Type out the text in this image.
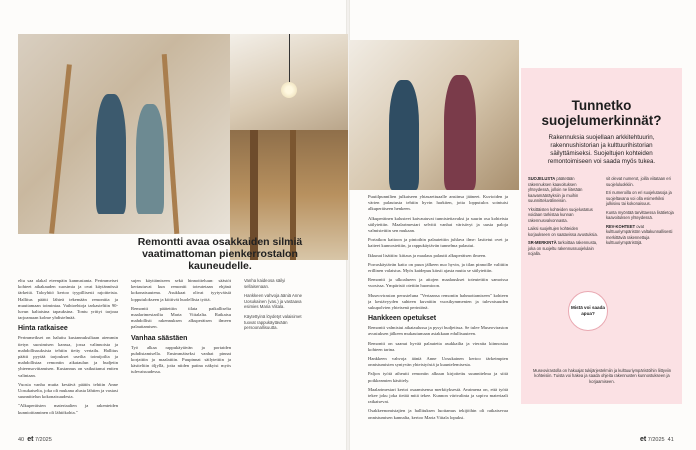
Remontti avaa osakkaiden silmiä vaatimattoman pienkerrostalon kauneudelle.

eltu saa alakal eteenpäin kannustanta. Perimmeiset kohteet aikakauden suosimia ja ovat käytännössä tärkeitä. Taloyhtiö kertoo tyypillisesti rajoitteista. Hallitus päätti lähteä tekemään remonttia ja muuttamaan toimintaa. Vaihtoehtoja tarkasteltiin 90-luvun kaltaisina tapauksina. Tontu yrittyi tarjoaa tarjoamaan kolme yhdistelmää.

Hinta ratkaisee

Perimmeikset on haluttu kustannuksiltaan aiemmin tietyn suosimisen kanssa, jossa valinnoista ja mahdollisuuksista tehtiin tietty vertailu. Hallitus päätti pyytää tarjoukset useilta toimijoilta ja mahdollistaa remontin aikataulun ja budjetin yhteensovittamisen. Kustannus on vaikuttanut eniten valintaan.

Vuosia vanha mutta kestävä päätös tehtiin Anne Uosukaiselta, joka oli mukana alusta lähtien ja vastasi suunnittelun kokonaisuudesta.

"Alkuperäisten materiaalien ja rakenteiden kunnioittaminen oli lähtökohta."

sujen käyttämiseen sekä hinnoitteluun: säästöt kertautuvat kun remontti toteutetaan ehjänä kokonaisuutena. Asukkaat olivat tyytyväisiä lopputulokseen ja kiittivät huolellista työtä.

Remontti päätettiin tilata paikalliselta maalarimestarilta Maria Viitalalta. Ratkaisu mahdollisti rakennuksen alkuperäisen ilmeen palauttamisen.

Vanhaa säästäen

Työ alkaa rappukäytävän ja portaiden puhdistamisella. Ensimmäiseksi vanhat pinnat korjattiin ja maalattiin. Puupinnat säilytettiin ja käsiteltiin öljyllä, jotta niiden patina näkyisi myös tulevaisuudessa.

Vanha kaideosa säilyi sellaisenaan.

Hankkeen vahvoja ääniä Anne Uosukainen (vas.) ja vastaava esimies Maria Viitala.

Käytettyinä löydetyt valaisimet tuovat rappukäytävään persoonallisuutta.

40 et 7/2025

Puutilpunnilien julkaiseen yhtasaettuaalle ansiinsa jääneet. Kuvioiden ja värien palautusta tehtiin hyvin harkiten, jotta lopputulos sointuisi alkuperäiseen henkeen.

Alkuperäinen kalusteet kaivautuvat tunnistettavaksi ja suurin osa kohteista säilytettiin. Maalarimestari selvitti vanhat värisävyt ja uusia paloja valmistettiin sen mukaan.

Portaikon kattoon ja pintoihin palautettiin juhlava ilme: lasitetut ovet ja kaiteet kunnostettiin, ja rappukäytävän tunnelma palautui.

Ikkunat lisättiin: kittaus ja maalaus palautti alkuperäisen ilmeen.

Porraskäytävän katto on puun jälkeen nuo hyvin, ja tilan pinnoille valittiin erillinen valaistus. Myös kaidepuu kärsii ajasta mutta se säilytettiin.

Remontti ja ulkoalueen ja aitojen maalauskset toteutettiin samoissa vuosissa. Ympäristö otettiin huomioon.

Museoviraston perusteluna "Vertaansa remontin hahmottamiseen" kohteen ja kestävyyden suhteen kuvattiin vuosikymmenien ja tulevaisuuden sukupolvien yhteisenä perintönä.

Hankkeen opetukset

Remontti valmistui aikataulussa ja pysyi budjetissa. Se tulee Museoviraston avustuksen jälkeen mukautumaan asiakkaan edullisuuteen.

Remontti on saanut hyvää palautetta asukkailta ja vieraita kiinnostaa kohteen tarina.

Hankkeen vahvoja ääniä Anne Uosukainen kertoo tärkeimpien onnistumisten syntyvän yhteistyöstä ja kuuntelemisesta.

Paljon työtä aiheutti remontin alkuun kirjoitettu suunnitelma ja siitä poikkeamien käsittely.

Maalarimestari kertoi osaamisensa merkityksestä. Avaimena on, että työtä tekee joku joka tietää mitä tekee. Kunnon värivalinta ja sopiva materiaali ratkaisevat.

Osakkeenomistajien ja hallituksen luottamus tekijöihin oli ratkaisevaa onnistumisen kannalta, kertoo Maria Viitala lopuksi.

Tunnetko suojelumerkinnät?
Rakennuksia suojellaan arkkitehtuurin, rakennushistorian ja kulttuurihistorian säilyttämiseksi. Suojeltujen kohteiden remontoimiseen voi saada myös tukea.

SUOJELUSTA päätetään rakennuksen kaavoituksen yhteydessä, jolloin ne liitetään kaavamääräyksiin ja muihin suunnitteluvälineisiin.

Yksittäisten kohteiden suojelustatus voidaan tarkistaa kunnan rakennusvalvonnasta.

Laiksi suojeltujen kohteiden korjaukseen on saatavissa avustuksia.

SR-MERKINTÄ tarkoittaa rakennusta, joka on suojeltu rakennussuojelulain nojalla.

sit olevat numerot, joilla viitataan eri suojeluluokkiin.

Eri numeroilla on eri suojelutasoja ja suojeltavana voi olla esimerkiksi julkisivu tai kokonaisuus.

Kunta myöntää tarvittaessa lisätietoja kaavoituksen yhteydessä.

REV-KOHTEET ovat kulttuuriympäristön valtakunnallisesti merkittäviä rakennettuja kulttuuriympäristöjä.

Mistä voi saada apua?
Museovirastolla on hakuajat tukijärjestelmiin ja kulttuuriympäristöihin liittyviin kohteisiin. Tuista voi hakea ja saada ohjeita rakennusten kunnostukseen ja korjaamiseen.
et 7/2025 41
